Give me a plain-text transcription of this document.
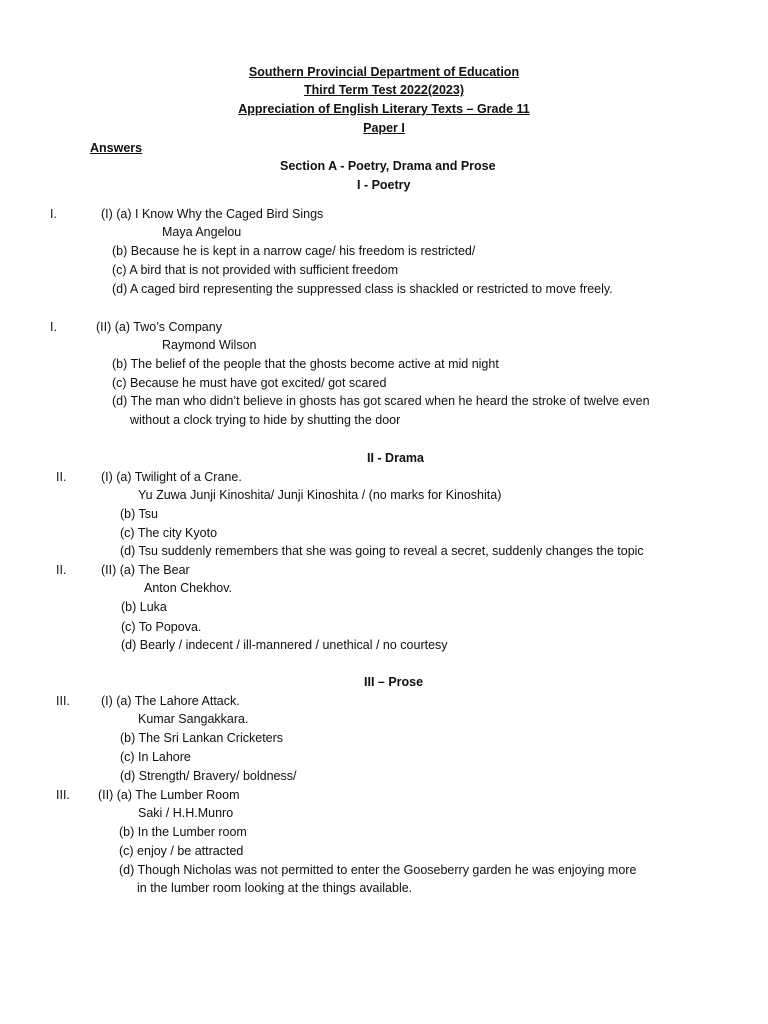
Southern Provincial Department of Education
Third Term Test 2022(2023)
Appreciation of English Literary Texts – Grade 11
Paper I
Answers
Section A - Poetry, Drama and Prose
I - Poetry
I.	(I) (a) I Know Why the Caged Bird Sings
Maya Angelou
(b) Because he is kept in a narrow cage/ his freedom is restricted/
(c) A bird that is not provided with sufficient freedom
(d) A caged bird representing the suppressed class is shackled or restricted to move freely.
I.	(II) (a) Two’s Company
Raymond Wilson
(b) The belief of the people that the ghosts become active at mid night
(c) Because he must have got excited/ got scared
(d) The man who didn’t believe in ghosts has got scared when he heard the stroke of twelve even
without a clock trying to hide by shutting the door
II - Drama
II.	(I) (a) Twilight of a Crane.
Yu Zuwa Junji Kinoshita/ Junji Kinoshita / (no marks for Kinoshita)
(b) Tsu
(c) The city Kyoto
(d) Tsu suddenly remembers that she was going to reveal a secret, suddenly changes the topic
II.	(II) (a) The Bear
Anton Chekhov.
(b) Luka
(c) To Popova.
(d) Bearly / indecent / ill-mannered / unethical / no courtesy
III – Prose
III. (I) (a) The Lahore Attack.
Kumar Sangakkara.
(b) The Sri Lankan Cricketers
(c) In Lahore
(d) Strength/ Bravery/ boldness/
III. (II) (a) The Lumber Room
Saki / H.H.Munro
(b) In the Lumber room
(c) enjoy / be attracted
(d) Though Nicholas was not permitted to enter the Gooseberry garden he was enjoying more
in the lumber room looking at the things available.
